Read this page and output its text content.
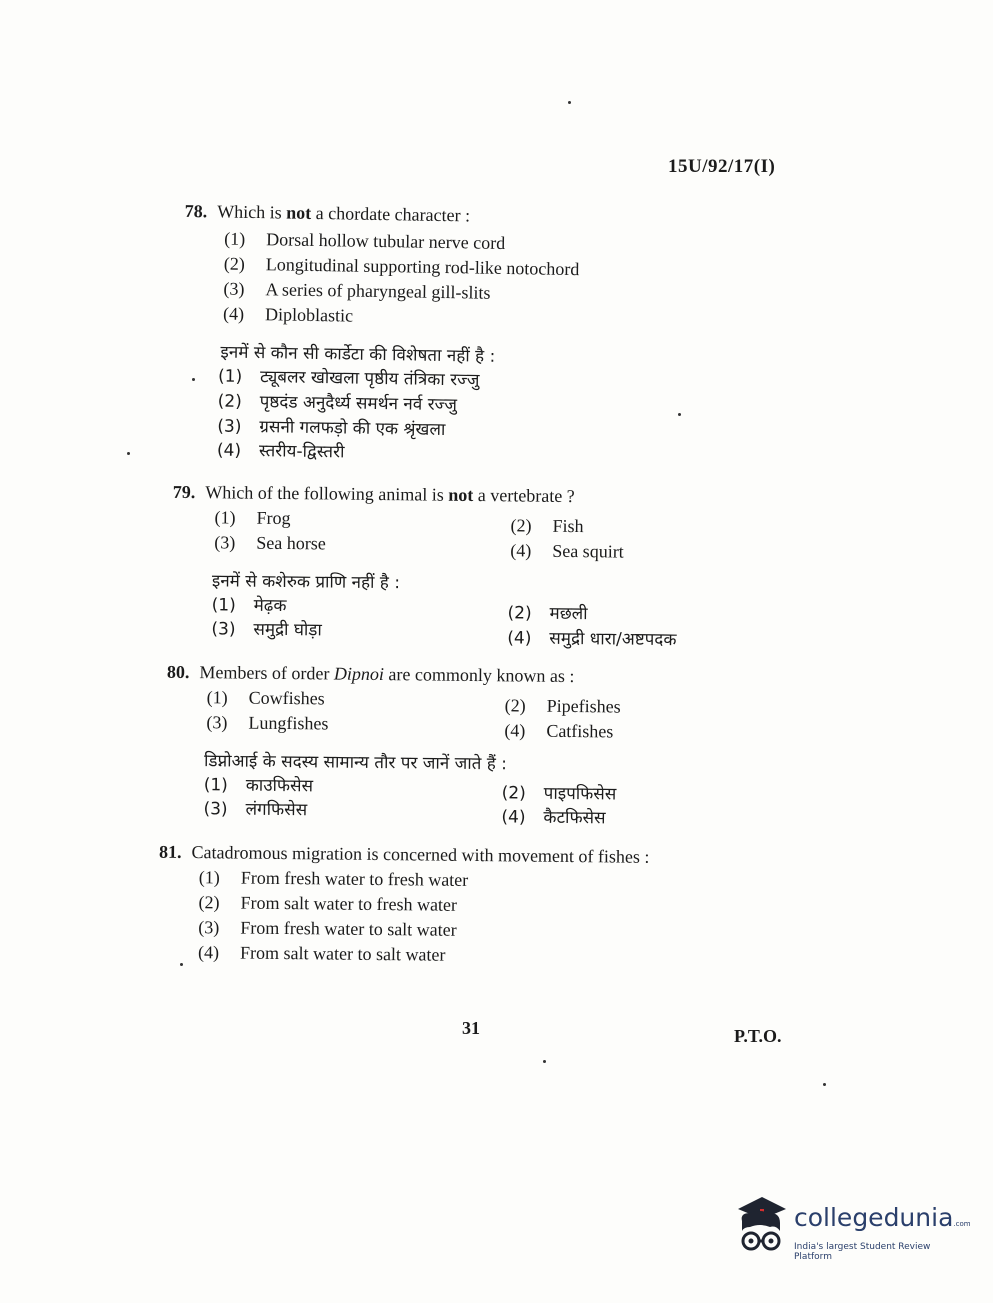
15U/92/17(I)
78. Which is not a chordate character :
(1) Dorsal hollow tubular nerve cord
(2) Longitudinal supporting rod-like notochord
(3) A series of pharyngeal gill-slits
(4) Diploblastic
इनमें से कौन सी कार्डेटा की विशेषता नहीं है :
(1) ट्यूबलर खोखला पृष्ठीय तंत्रिका रज्जु
(2) पृष्ठदंड अनुदैर्ध्य समर्थन नर्व रज्जु
(3) ग्रसनी गलफड़ो की एक श्रृंखला
(4) स्तरीय-द्विस्तरी
79. Which of the following animal is not a vertebrate ?
(1) Frog	(2) Fish
(3) Sea horse	(4) Sea squirt
इनमें से कशेरुक प्राणि नहीं है :
(1) मेढ़क	(2) मछली
(3) समुद्री घोड़ा	(4) समुद्री धारा/अष्टपदक
80. Members of order Dipnoi are commonly known as :
(1) Cowfishes	(2) Pipefishes
(3) Lungfishes	(4) Catfishes
डिप्नोआई के सदस्य सामान्य तौर पर जानें जाते हैं :
(1) काउफिसेस	(2) पाइपफिसेस
(3) लंगफिसेस	(4) कैटफिसेस
81. Catadromous migration is concerned with movement of fishes :
(1) From fresh water to fresh water
(2) From salt water to fresh water
(3) From fresh water to salt water
(4) From salt water to salt water
31	P.T.O.
collegedunia.com
India's largest Student Review Platform
